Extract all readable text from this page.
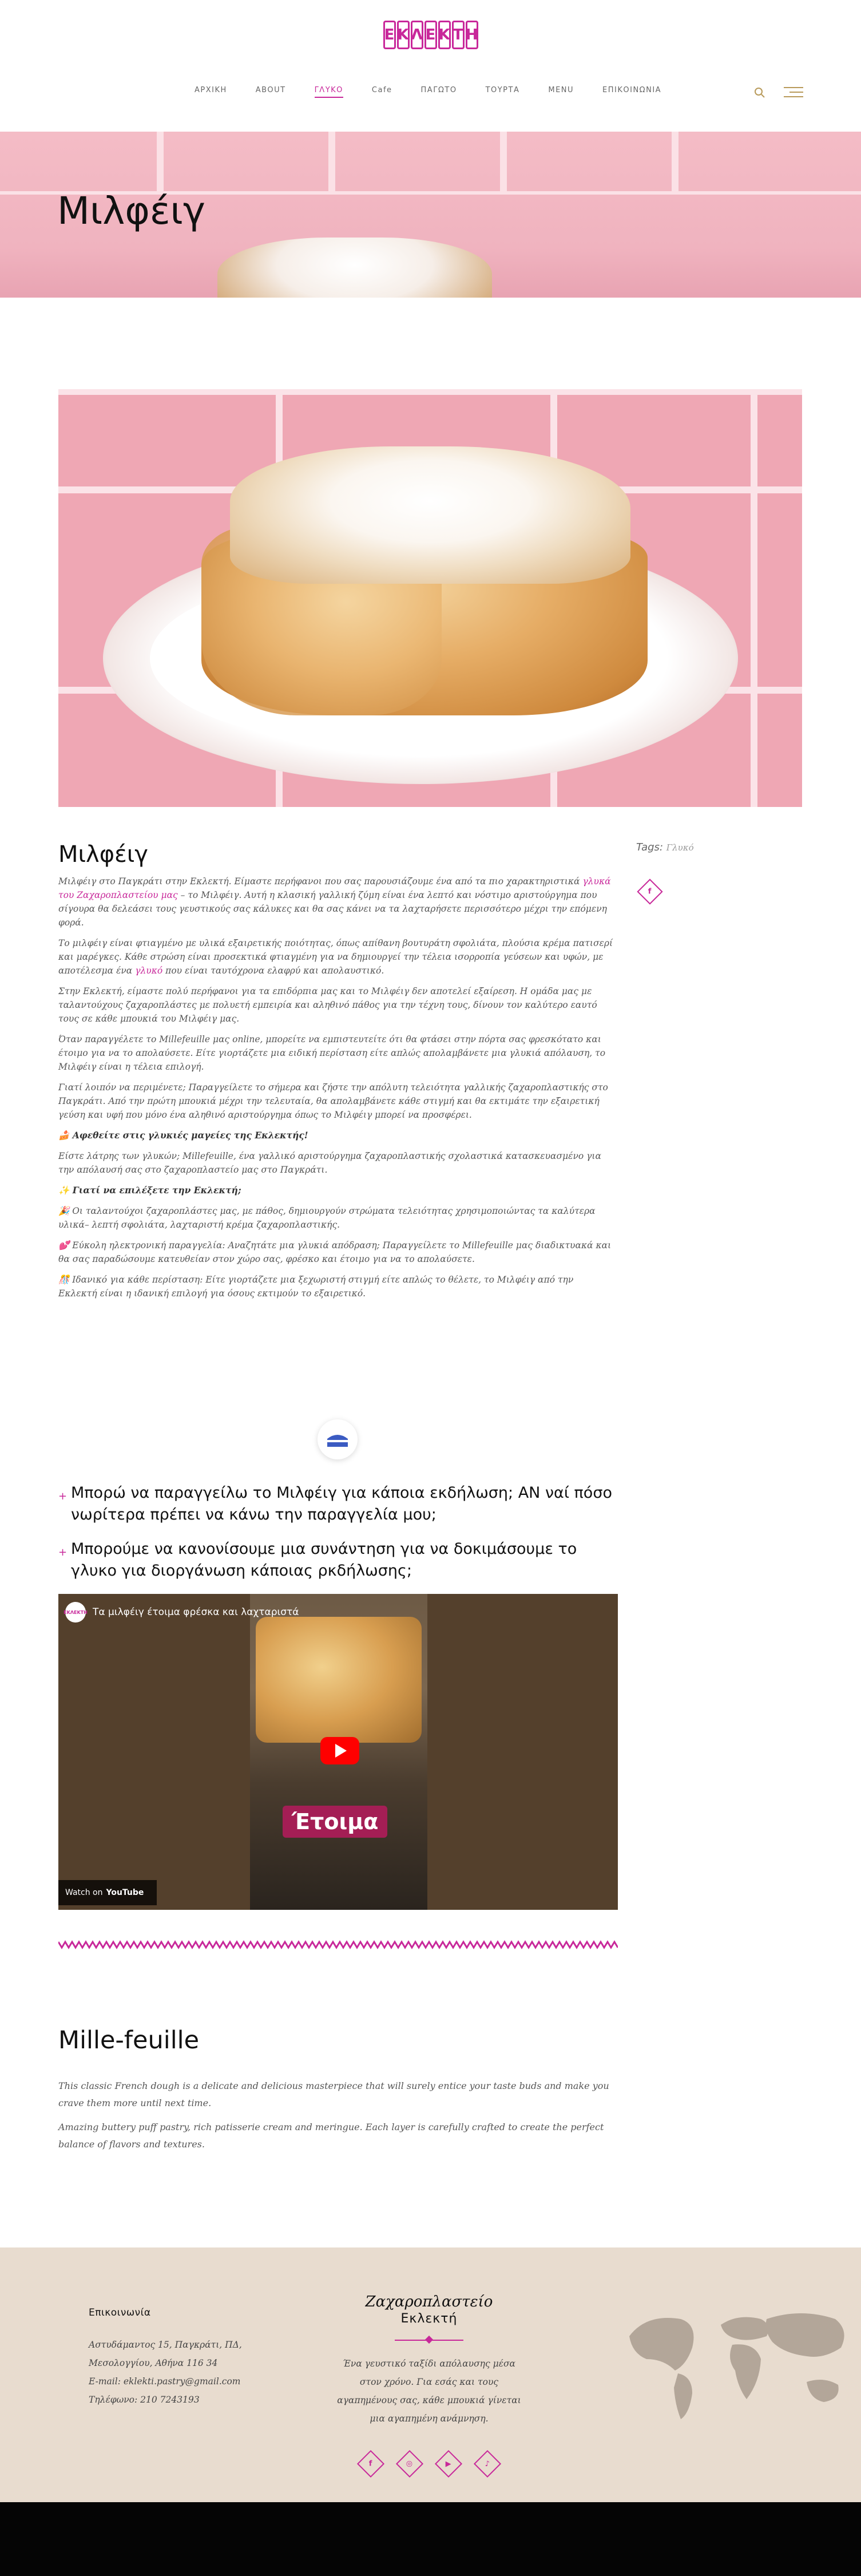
Ε Κ Λ Ε Κ Τ Η
ΑΡΧΙΚΗ	ABOUT	ΓΛΥΚΟ	Cafe	ΠΑΓΩΤΟ	ΤΟΥΡΤΑ	MENU	ΕΠΙΚΟΙΝΩΝΙΑ
Μιλφέιγ
Μιλφέιγ

Μιλφέιγ στο Παγκράτι στην Εκλεκτή. Είμαστε περήφανοι που σας παρουσιάζουμε ένα από τα πιο χαρακτηριστικά γλυκά του Ζαχαροπλαστείου μας – το Μιλφέιγ. Αυτή η κλασική γαλλική ζύμη είναι ένα λεπτό και νόστιμο αριστούργημα που σίγουρα θα δελεάσει τους γευστικούς σας κάλυκες και θα σας κάνει να τα λαχταρήσετε περισσότερο μέχρι την επόμενη φορά.

Το μιλφέιγ είναι φτιαγμένο με υλικά εξαιρετικής ποιότητας, όπως απίθανη βουτυράτη σφολιάτα, πλούσια κρέμα πατισερί και μαρέγκες. Κάθε στρώση είναι προσεκτικά φτιαγμένη για να δημιουργεί την τέλεια ισορροπία γεύσεων και υφών, με αποτέλεσμα ένα γλυκό που είναι ταυτόχρονα ελαφρύ και απολαυστικό.

Στην Εκλεκτή, είμαστε πολύ περήφανοι για τα επιδόρπια μας και το Μιλφέιγ δεν αποτελεί εξαίρεση. Η ομάδα μας με ταλαντούχους ζαχαροπλάστες με πολυετή εμπειρία και αληθινό πάθος για την τέχνη τους, δίνουν τον καλύτερο εαυτό τους σε κάθε μπουκιά του Μιλφέιγ μας.

Όταν παραγγέλετε το Millefeuille μας online, μπορείτε να εμπιστευτείτε ότι θα φτάσει στην πόρτα σας φρεσκότατο και έτοιμο για να το απολαύσετε. Είτε γιορτάζετε μια ειδική περίσταση είτε απλώς απολαμβάνετε μια γλυκιά απόλαυση, το Μιλφέιγ είναι η τέλεια επιλογή.

Γιατί λοιπόν να περιμένετε; Παραγγείλετε το σήμερα και ζήστε την απόλυτη τελειότητα γαλλικής ζαχαροπλαστικής στο Παγκράτι. Από την πρώτη μπουκιά μέχρι την τελευταία, θα απολαμβάνετε κάθε στιγμή και θα εκτιμάτε την εξαιρετική γεύση και υφή που μόνο ένα αληθινό αριστούργημα όπως το Μιλφέιγ μπορεί να προσφέρει.

🍰 Αφεθείτε στις γλυκιές μαγείες της Εκλεκτής!

Είστε λάτρης των γλυκών; Millefeuille, ένα γαλλικό αριστούργημα ζαχαροπλαστικής σχολαστικά κατασκευασμένο για την απόλαυσή σας στο ζαχαροπλαστείο μας στο Παγκράτι.

✨ Γιατί να επιλέξετε την Εκλεκτή;

🎉 Οι ταλαντούχοι ζαχαροπλάστες μας, με πάθος, δημιουργούν στρώματα τελειότητας χρησιμοποιώντας τα καλύτερα υλικά– λεπτή σφολιάτα, λαχταριστή κρέμα ζαχαροπλαστικής.

💕 Εύκολη ηλεκτρονική παραγγελία: Αναζητάτε μια γλυκιά απόδραση; Παραγγείλετε το Millefeuille μας διαδικτυακά και θα σας παραδώσουμε κατευθείαν στον χώρο σας, φρέσκο και έτοιμο για να το απολαύσετε.

🎊 Ιδανικό για κάθε περίσταση: Είτε γιορτάζετε μια ξεχωριστή στιγμή είτε απλώς το θέλετε, το Μιλφέιγ από την Εκλεκτή είναι η ιδανική επιλογή για όσους εκτιμούν το εξαιρετικό.

Tags: Γλυκό
f
+ Μπορώ να παραγγείλω το Μιλφέιγ για κάποια εκδήλωση; ΑΝ ναί πόσο νωρίτερα πρέπει να κάνω την παραγγελία μου;
+ Μπορούμε να κανονίσουμε μια συνάντηση για να δοκιμάσουμε το γλυκο για διοργάνωση κάποιας ρκδήλωσης;
ΕΚΛΕΚΤΗ Τα μιλφέιγ έτοιμα φρέσκα και λαχταριστά
Έτοιμα
Watch on YouTube
Mille-feuille

This classic French dough is a delicate and delicious masterpiece that will surely entice your taste buds and make you crave them more until next time.

Amazing buttery puff pastry, rich patisserie cream and meringue. Each layer is carefully crafted to create the perfect balance of flavors and textures.

Επικοινωνία

Αστυδάμαντος 15, Παγκράτι, ΠΔ,

Μεσολογγίου, Αθήνα 116 34

E-mail: eklekti.pastry@gmail.com

Τηλέφωνο: 210 7243193

Ζαχαροπλαστείο
Εκλεκτή
Ένα γευστικό ταξίδι απόλαυσης μέσα στον χρόνο. Για εσάς και τους αγαπημένους σας, κάθε μπουκιά γίνεται μια αγαπημένη ανάμνηση.
f	◎	▶	♪
